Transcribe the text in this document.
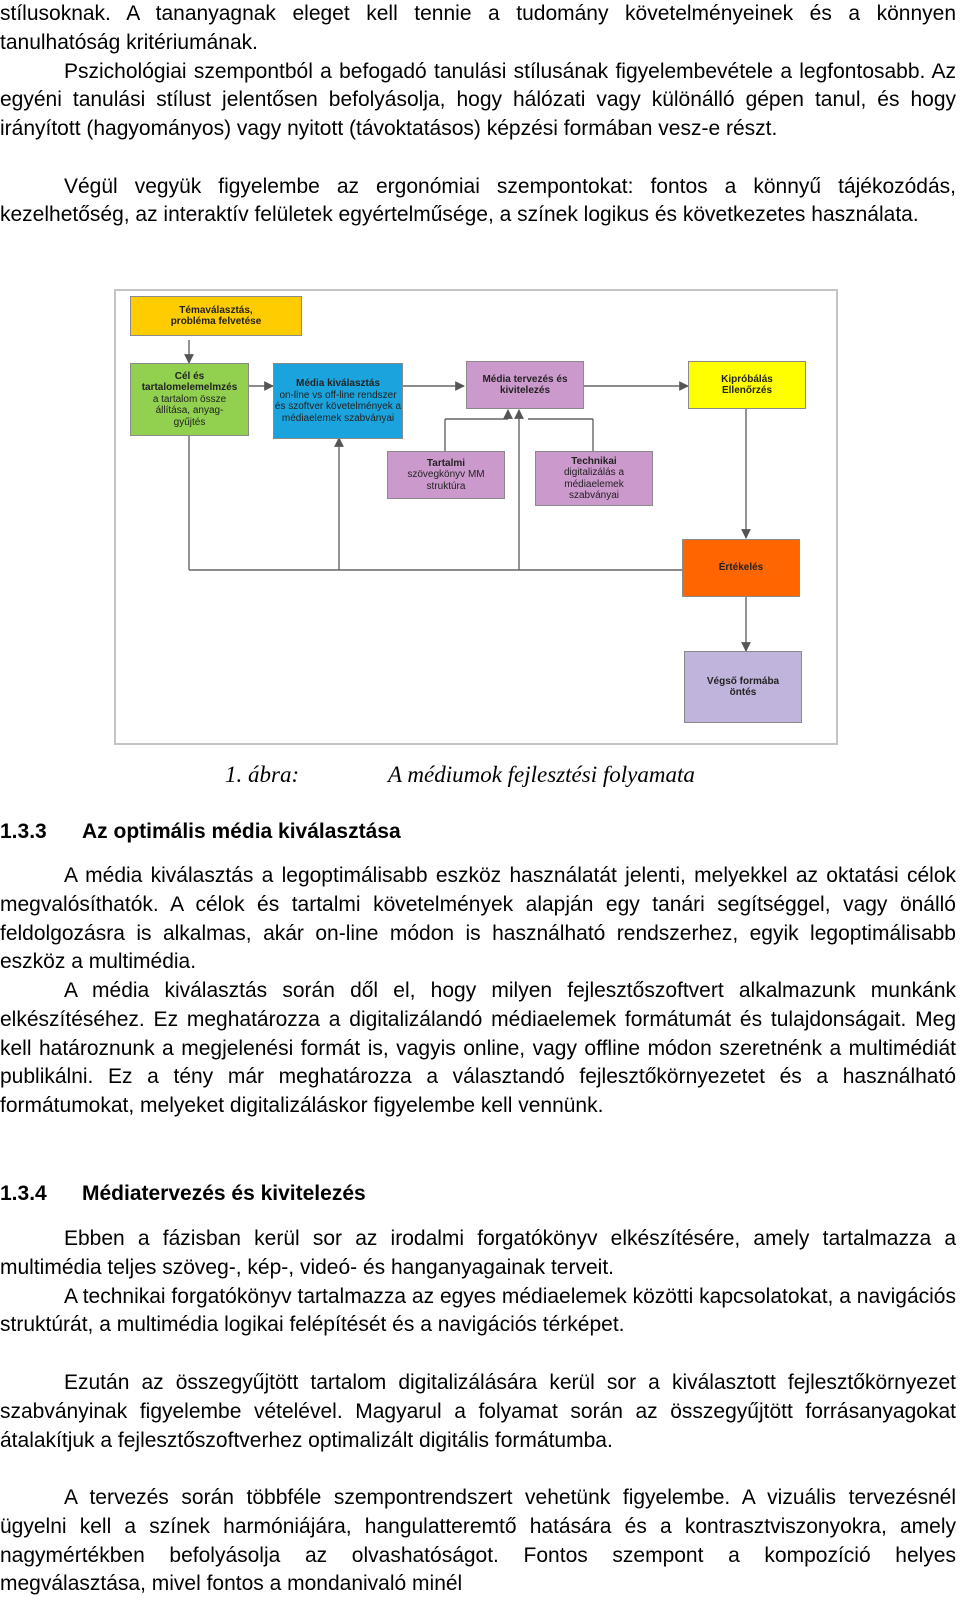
stílusoknak. A tananyagnak eleget kell tennie a tudomány követelményeinek és a könnyen tanulhatóság kritériumának.

Pszichológiai szempontból a befogadó tanulási stílusának figyelembevétele a legfontosabb. Az egyéni tanulási stílust jelentősen befolyásolja, hogy hálózati vagy különálló gépen tanul, és hogy irányított (hagyományos) vagy nyitott (távoktatásos) képzési formában vesz-e részt.

Végül vegyük figyelembe az ergonómiai szempontokat: fontos a könnyű tájékozódás, kezelhetőség, az interaktív felületek egyértelműsége, a színek logikus és következetes használata.

Témaválasztás, probléma felvetése
Cél és tartalomelemelmzés
a tartalom össze állítása, anyag-gyűjtés
Média kiválasztás
on-line vs off-line rendszer és szoftver követelmények a médiaelemek szabványai
Média tervezés és kivitelezés
Kipróbálás Ellenőrzés
Tartalmi
szövegkönyv MM struktúra
Technikai
digitalizálás a médiaelemek szabványai
Értékelés
Végső formába öntés
1. ábra:	A médiumok fejlesztési folyamata
1.3.3 Az optimális média kiválasztása

A média kiválasztás a legoptimálisabb eszköz használatát jelenti, melyekkel az oktatási célok megvalósíthatók. A célok és tartalmi követelmények alapján egy tanári segítséggel, vagy önálló feldolgozásra is alkalmas, akár on-line módon is használható rendszerhez, egyik legoptimálisabb eszköz a multimédia.

A média kiválasztás során dől el, hogy milyen fejlesztőszoftvert alkalmazunk munkánk elkészítéséhez. Ez meghatározza a digitalizálandó médiaelemek formátumát és tulajdonságait. Meg kell határoznunk a megjelenési formát is, vagyis online, vagy offline módon szeretnénk a multimédiát publikálni. Ez a tény már meghatározza a választandó fejlesztőkörnyezetet és a használható formátumokat, melyeket digitalizáláskor figyelembe kell vennünk.

1.3.4 Médiatervezés és kivitelezés

Ebben a fázisban kerül sor az irodalmi forgatókönyv elkészítésére, amely tartalmazza a multimédia teljes szöveg-, kép-, videó- és hanganyagainak terveit.

A technikai forgatókönyv tartalmazza az egyes médiaelemek közötti kapcsolatokat, a navigációs struktúrát, a multimédia logikai felépítését és a navigációs térképet.

Ezután az összegyűjtött tartalom digitalizálására kerül sor a kiválasztott fejlesztőkörnyezet szabványinak figyelembe vételével. Magyarul a folyamat során az összegyűjtött forrásanyagokat átalakítjuk a fejlesztőszoftverhez optimalizált digitális formátumba.

A tervezés során többféle szempontrendszert vehetünk figyelembe. A vizuális tervezésnél ügyelni kell a színek harmóniájára, hangulatteremtő hatására és a kontrasztviszonyokra, amely nagymértékben befolyásolja az olvashatóságot. Fontos szempont a kompozíció helyes megválasztása, mivel fontos a mondanivaló minél
